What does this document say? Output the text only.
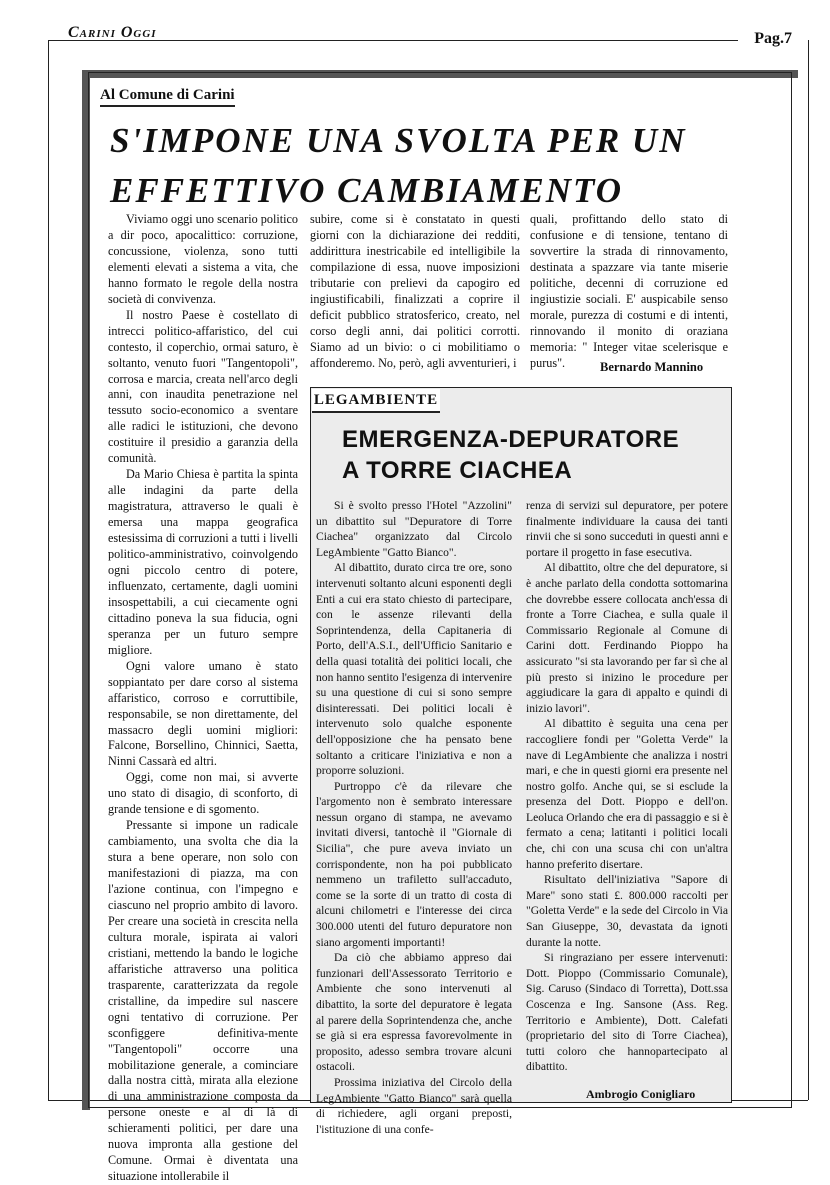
Carini Oggi	Pag.7
Al Comune di Carini
S'IMPONE UNA SVOLTA PER UN
EFFETTIVO CAMBIAMENTO

Viviamo oggi uno scenario politico a dir poco, apocalittico: corruzione, concussione, violenza, sono tutti elementi elevati a sistema a vita, che hanno formato le regole della nostra società di convivenza.

Il nostro Paese è costellato di intrecci politico-affaristico, del cui contesto, il coperchio, ormai saturo, è soltanto, venuto fuori "Tangentopoli", corrosa e marcia, creata nell'arco degli anni, con inaudita penetrazione nel tessuto socio-economico a sventare alle radici le istituzioni, che devono costituire il presidio a garanzia della comunità.

Da Mario Chiesa è partita la spinta alle indagini da parte della magistratura, attraverso le quali è emersa una mappa geografica estesissima di corruzioni a tutti i livelli politico-amministrativo, coinvolgendo ogni piccolo centro di potere, influenzato, certamente, dagli uomini insospettabili, a cui ciecamente ogni cittadino poneva la sua fiducia, ogni speranza per un futuro sempre migliore.

Ogni valore umano è stato soppiantato per dare corso al sistema affaristico, corroso e corruttibile, responsabile, se non direttamente, del massacro degli uomini migliori: Falcone, Borsellino, Chinnici, Saetta, Ninni Cassarà ed altri.

Oggi, come non mai, si avverte uno stato di disagio, di sconforto, di grande tensione e di sgomento.

Pressante si impone un radicale cambiamento, una svolta che dia la stura a bene operare, non solo con manifestazioni di piazza, ma con l'azione continua, con l'impegno e ciascuno nel proprio ambito di lavoro. Per creare una società in crescita nella cultura morale, ispirata ai valori cristiani, mettendo la bando le logiche affaristiche attraverso una politica trasparente, caratterizzata da regole cristalline, da impedire sul nascere ogni tentativo di corruzione. Per sconfiggere definitiva-mente "Tangentopoli" occorre una mobilitazione generale, a cominciare dalla nostra città, mirata alla elezione di una amministrazione composta da persone oneste e al di là di schieramenti politici, per dare una nuova impronta alla gestione del Comune. Ormai è diventata una situazione intollerabile il

subire, come si è constatato in questi giorni con la dichiarazione dei redditi, addirittura inestricabile ed intelligibile la compilazione di essa, nuove imposizioni tributarie con prelievi da capogiro ed ingiustificabili, finalizzati a coprire il deficit pubblico stratosferico, creato, nel corso degli anni, dai politici corrotti. Siamo ad un bivio: o ci mobilitiamo o affonderemo. No, però, agli avventurieri, i

quali, profittando dello stato di confusione e di tensione, tentano di sovvertire la strada di rinnovamento, destinata a spazzare via tante miserie politiche, decenni di corruzione ed ingiustizie sociali. E' auspicabile senso morale, purezza di costumi e di intenti, rinnovando il monito di oraziana memoria: " Integer vitae scelerisque e purus".	Bernardo Mannino
LEGAMBIENTE
EMERGENZA-DEPURATORE
A TORRE CIACHEA

Si è svolto presso l'Hotel "Azzolini" un dibattito sul "Depuratore di Torre Ciachea" organizzato dal Circolo LegAmbiente "Gatto Bianco".

Al dibattito, durato circa tre ore, sono intervenuti soltanto alcuni esponenti degli Enti a cui era stato chiesto di partecipare, con le assenze rilevanti della Soprintendenza, della Capitaneria di Porto, dell'A.S.I., dell'Ufficio Sanitario e della quasi totalità dei politici locali, che non hanno sentito l'esigenza di intervenire su una questione di cui si sono sempre disinteressati. Dei politici locali è intervenuto solo qualche esponente dell'opposizione che ha pensato bene soltanto a criticare l'iniziativa e non a proporre soluzioni.

Purtroppo c'è da rilevare che l'argomento non è sembrato interessare nessun organo di stampa, ne avevamo invitati diversi, tantochè il "Giornale di Sicilia", che pure aveva inviato un corrispondente, non ha poi pubblicato nemmeno un trafiletto sull'accaduto, come se la sorte di un tratto di costa di alcuni chilometri e l'interesse dei circa 300.000 utenti del futuro depuratore non siano argomenti importanti!

Da ciò che abbiamo appreso dai funzionari dell'Assessorato Territorio e Ambiente che sono intervenuti al dibattito, la sorte del depuratore è legata al parere della Soprintendenza che, anche se già si era espressa favorevolmente in proposito, adesso sembra trovare alcuni ostacoli.

Prossima iniziativa del Circolo della LegAmbiente "Gatto Bianco" sarà quella di richiedere, agli organi preposti, l'istituzione di una confe-

renza di servizi sul depuratore, per potere finalmente individuare la causa dei tanti rinvii che si sono succeduti in questi anni e portare il progetto in fase esecutiva.

Al dibattito, oltre che del depuratore, si è anche parlato della condotta sottomarina che dovrebbe essere collocata anch'essa di fronte a Torre Ciachea, e sulla quale il Commissario Regionale al Comune di Carini dott. Ferdinando Pioppo ha assicurato "si sta lavorando per far sì che al più presto si inizino le procedure per aggiudicare la gara di appalto e quindi di inizio lavori".

Al dibattito è seguita una cena per raccogliere fondi per "Goletta Verde" la nave di LegAmbiente che analizza i nostri mari, e che in questi giorni era presente nel nostro golfo. Anche qui, se si esclude la presenza del Dott. Pioppo e dell'on. Leoluca Orlando che era di passaggio e si è fermato a cena; latitanti i politici locali che, chi con una scusa chi con un'altra hanno preferito disertare.

Risultato dell'iniziativa "Sapore di Mare" sono stati £. 800.000 raccolti per "Goletta Verde" e la sede del Circolo in Via San Giuseppe, 30, devastata da ignoti durante la notte.

Si ringraziano per essere intervenuti: Dott. Pioppo (Commissario Comunale), Sig. Caruso (Sindaco di Torretta), Dott.ssa Coscenza e Ing. Sansone (Ass. Reg. Territorio e Ambiente), Dott. Calefati (proprietario del sito di Torre Ciachea), tutti coloro che hannopartecipato al dibattito.

Ambrogio Conigliaro
